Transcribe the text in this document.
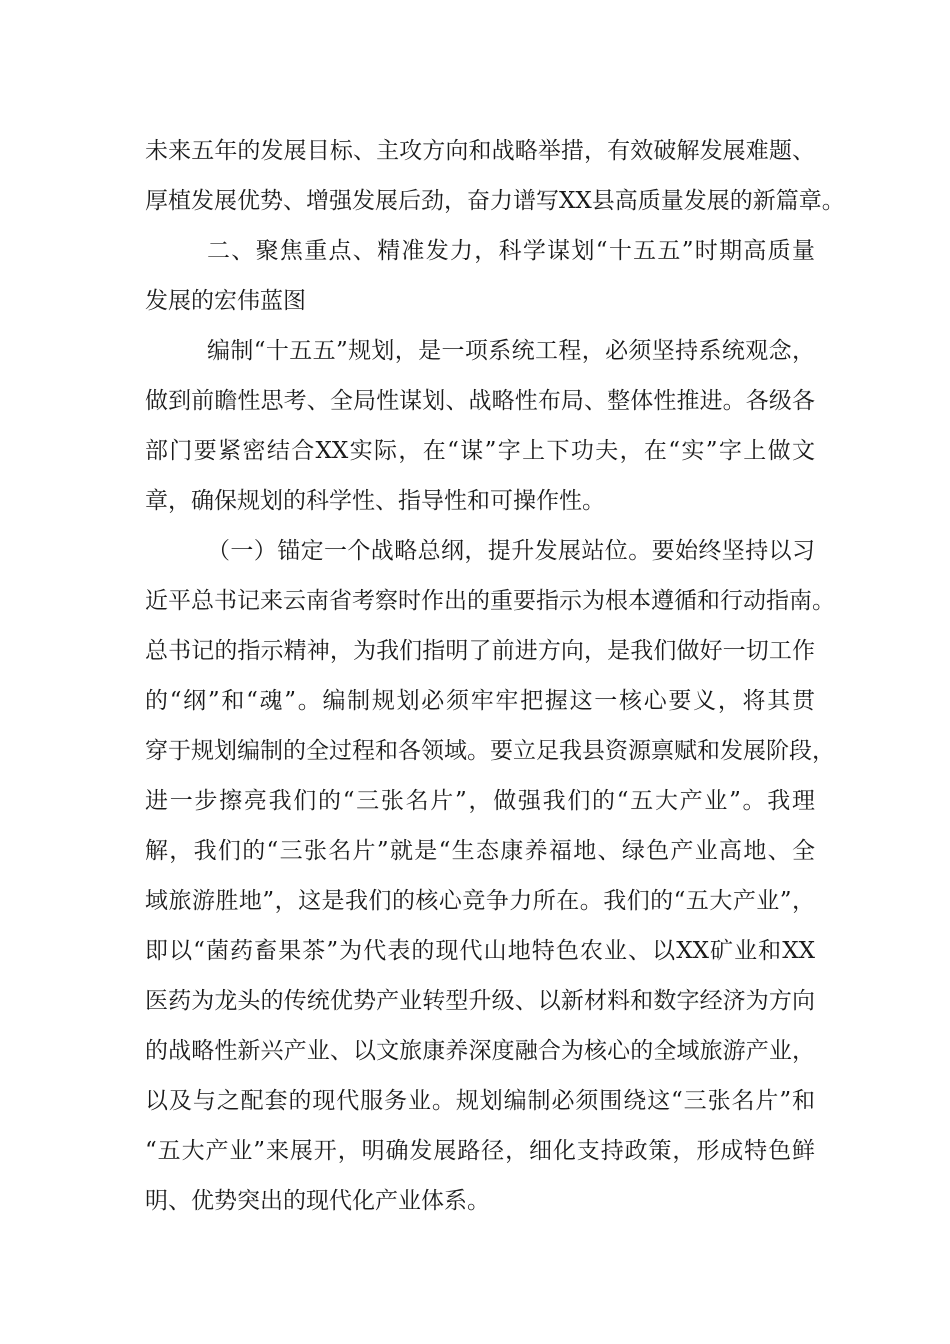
未来五年的发展目标、主攻方向和战略举措，有效破解发展难题、
厚植发展优势、增强发展后劲，奋力谱写XX县高质量发展的新篇章。
二、聚焦重点、精准发力，科学谋划“十五五”时期高质量
发展的宏伟蓝图
编制“十五五”规划，是一项系统工程，必须坚持系统观念，
做到前瞻性思考、全局性谋划、战略性布局、整体性推进。各级各
部门要紧密结合XX实际，在“谋”字上下功夫，在“实”字上做文
章，确保规划的科学性、指导性和可操作性。
（一）锚定一个战略总纲，提升发展站位。要始终坚持以习
近平总书记来云南省考察时作出的重要指示为根本遵循和行动指南。
总书记的指示精神，为我们指明了前进方向，是我们做好一切工作
的“纲”和“魂”。编制规划必须牢牢把握这一核心要义，将其贯
穿于规划编制的全过程和各领域。要立足我县资源禀赋和发展阶段，
进一步擦亮我们的“三张名片”，做强我们的“五大产业”。我理
解，我们的“三张名片”就是“生态康养福地、绿色产业高地、全
域旅游胜地”，这是我们的核心竞争力所在。我们的“五大产业”，
即以“菌药畜果茶”为代表的现代山地特色农业、以XX矿业和XX
医药为龙头的传统优势产业转型升级、以新材料和数字经济为方向
的战略性新兴产业、以文旅康养深度融合为核心的全域旅游产业，
以及与之配套的现代服务业。规划编制必须围绕这“三张名片”和
“五大产业”来展开，明确发展路径，细化支持政策，形成特色鲜
明、优势突出的现代化产业体系。
